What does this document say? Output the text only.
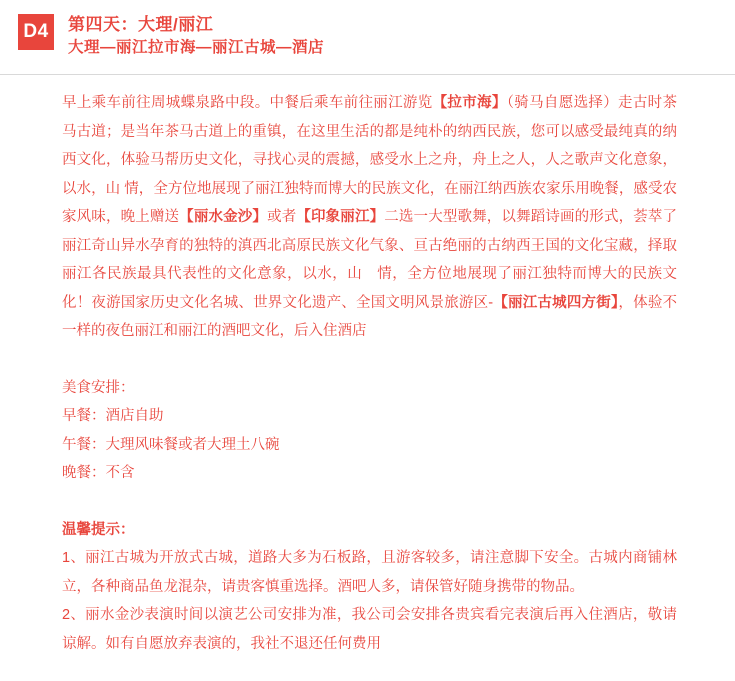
D4	第四天：大理/丽江
大理—丽江拉市海—丽江古城—酒店

早上乘车前往周城蝶泉路中段。中餐后乘车前往丽江游览【拉市海】（骑马自愿选择）走古时茶马古道；是当年茶马古道上的重镇，在这里生活的都是纯朴的纳西民族，您可以感受最纯真的纳西文化，体验马帮历史文化，寻找心灵的震撼，感受水上之舟，舟上之人，人之歌声文化意象，以水，山 情，全方位地展现了丽江独特而博大的民族文化，在丽江纳西族农家乐用晚餐，感受农家风味，晚上赠送【丽水金沙】或者【印象丽江】二选一大型歌舞，以舞蹈诗画的形式，荟萃了丽江奇山异水孕育的独特的滇西北高原民族文化气象、亘古绝丽的古纳西王国的文化宝藏，择取丽江各民族最具代表性的文化意象，以水，山　情，全方位地展现了丽江独特而博大的民族文化！夜游国家历史文化名城、世界文化遗产、全国文明风景旅游区-【丽江古城四方街】，体验不一样的夜色丽江和丽江的酒吧文化，后入住酒店

美食安排：
早餐：酒店自助
午餐：大理风味餐或者大理土八碗
晚餐：不含
温馨提示：
1、丽江古城为开放式古城，道路大多为石板路，且游客较多，请注意脚下安全。古城内商铺林立，各种商品鱼龙混杂，请贵客慎重选择。酒吧人多，请保管好随身携带的物品。
2、丽水金沙表演时间以演艺公司安排为准，我公司会安排各贵宾看完表演后再入住酒店，敬请谅解。如有自愿放弃表演的，我社不退还任何费用
